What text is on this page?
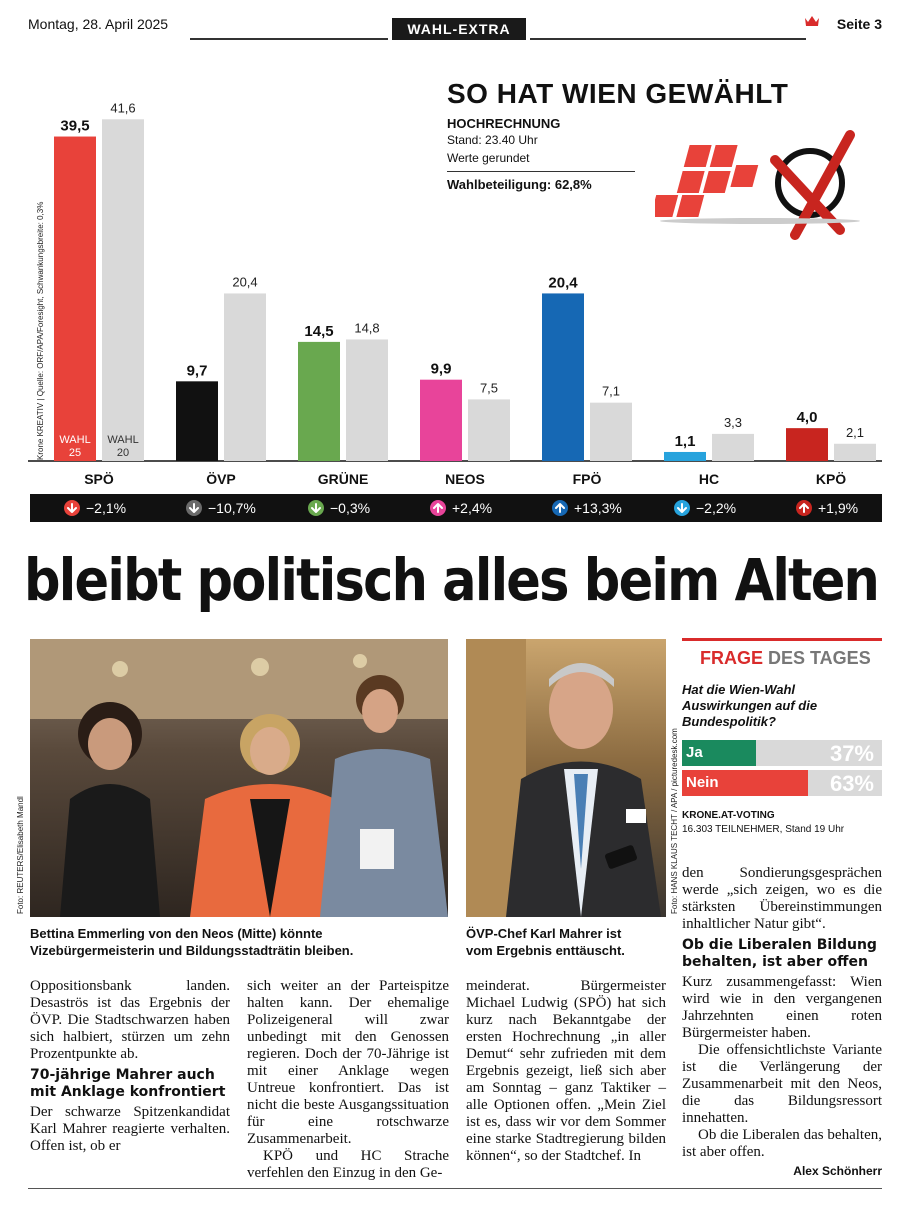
Montag, 28. April 2025	WAHL-EXTRA	Seite 3
SO HAT WIEN GEWÄHLT
HOCHRECHNUNG
Stand: 23.40 Uhr
Werte gerundet
Wahlbeteiligung: 62,8%
Krone KREATIV | Quelle: ORF/APA/Foresight, Schwankungsbreite: 0,3%
39,5
41,6
SPÖ
−2,1%
9,7
20,4
ÖVP
−10,7%
14,5 14,8
GRÜNE
−0,3%
9,9
7,5
NEOS
+2,4%
20,4
7,1
FPÖ
+13,3%
1,1
3,3
HC
−2,2%
4,0
2,1
KPÖ
+1,9%
WAHL
25
WAHL
20
bleibt politisch alles beim Alten
Foto: REUTERS/Elisabeth Mandl
Bettina Emmerling von den Neos (Mitte) könnte
Vizebürgermeisterin und Bildungsstadträtin bleiben.
Foto: HANS KLAUS TECHT / APA / picturedesk.com
ÖVP-Chef Karl Mahrer ist
vom Ergebnis enttäuscht.
FRAGE DES TAGES
Hat die Wien-Wahl Auswirkungen auf die Bundespolitik?
Ja	37%
Nein	63%
KRONE.AT-VOTING
16.303 TEILNEHMER, Stand 19 Uhr

Oppositionsbank landen. Desaströs ist das Ergebnis der ÖVP. Die Stadtschwarzen haben sich halbiert, stürzen um zehn Prozentpunkte ab.

70-jährige Mahrer auch mit Anklage konfrontiert

Der schwarze Spitzenkandidat Karl Mahrer reagierte verhalten. Offen ist, ob er

sich weiter an der Parteispitze halten kann. Der ehemalige Polizeigeneral will zwar unbedingt mit den Genossen regieren. Doch der 70-Jährige ist mit einer Anklage wegen Untreue konfrontiert. Das ist nicht die beste Ausgangssituation für eine rotschwarze Zusammenarbeit.

KPÖ und HC Strache verfehlen den Einzug in den Ge-

meinderat. Bürgermeister Michael Ludwig (SPÖ) hat sich kurz nach Bekanntgabe der ersten Hochrechnung „in aller Demut“ sehr zufrieden mit dem Ergebnis gezeigt, ließ sich aber am Sonntag – ganz Taktiker – alle Optionen offen. „Mein Ziel ist es, dass wir vor dem Sommer eine starke Stadtregierung bilden können“, so der Stadtchef. In

den Sondierungsgesprächen werde „sich zeigen, wo es die stärksten Übereinstimmungen inhaltlicher Natur gibt“.

Ob die Liberalen Bildung behalten, ist aber offen

Kurz zusammengefasst: Wien wird wie in den vergangenen Jahrzehnten einen roten Bürgermeister haben.

Die offensichtlichste Variante ist die Verlängerung der Zusammenarbeit mit den Neos, die das Bildungsressort innehatten.

Ob die Liberalen das behalten, ist aber offen.

Alex Schönherr
